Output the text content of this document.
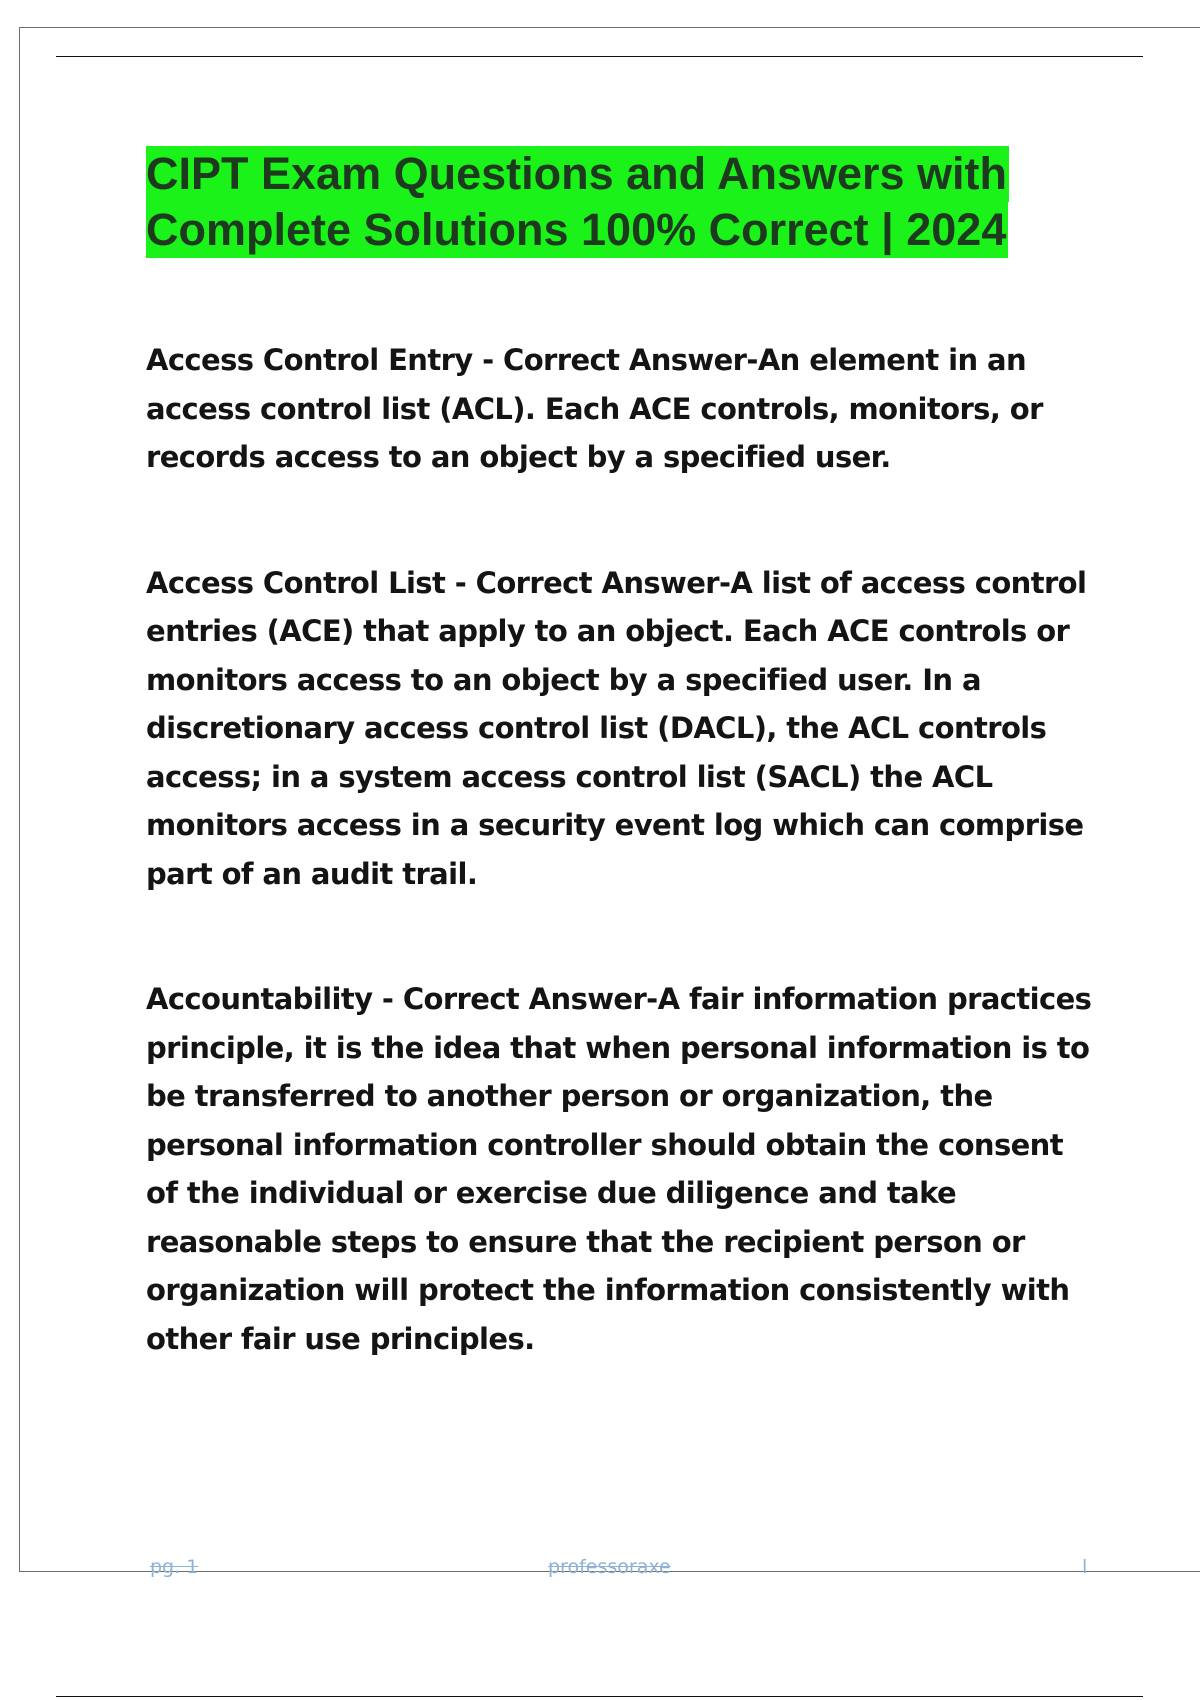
CIPT Exam Questions and Answers with
Complete Solutions 100% Correct | 2024

Access Control Entry - Correct Answer-An element in an access control list (ACL). Each ACE controls, monitors, or records access to an object by a specified user.

Access Control List - Correct Answer-A list of access control entries (ACE) that apply to an object. Each ACE controls or monitors access to an object by a specified user. In a discretionary access control list (DACL), the ACL controls access; in a system access control list (SACL) the ACL monitors access in a security event log which can comprise part of an audit trail.

Accountability - Correct Answer-A fair information practices principle, it is the idea that when personal information is to be transferred to another person or organization, the personal information controller should obtain the consent of the individual or exercise due diligence and take reasonable steps to ensure that the recipient person or organization will protect the information consistently with other fair use principles.

pg. 1	professoraxe	l
